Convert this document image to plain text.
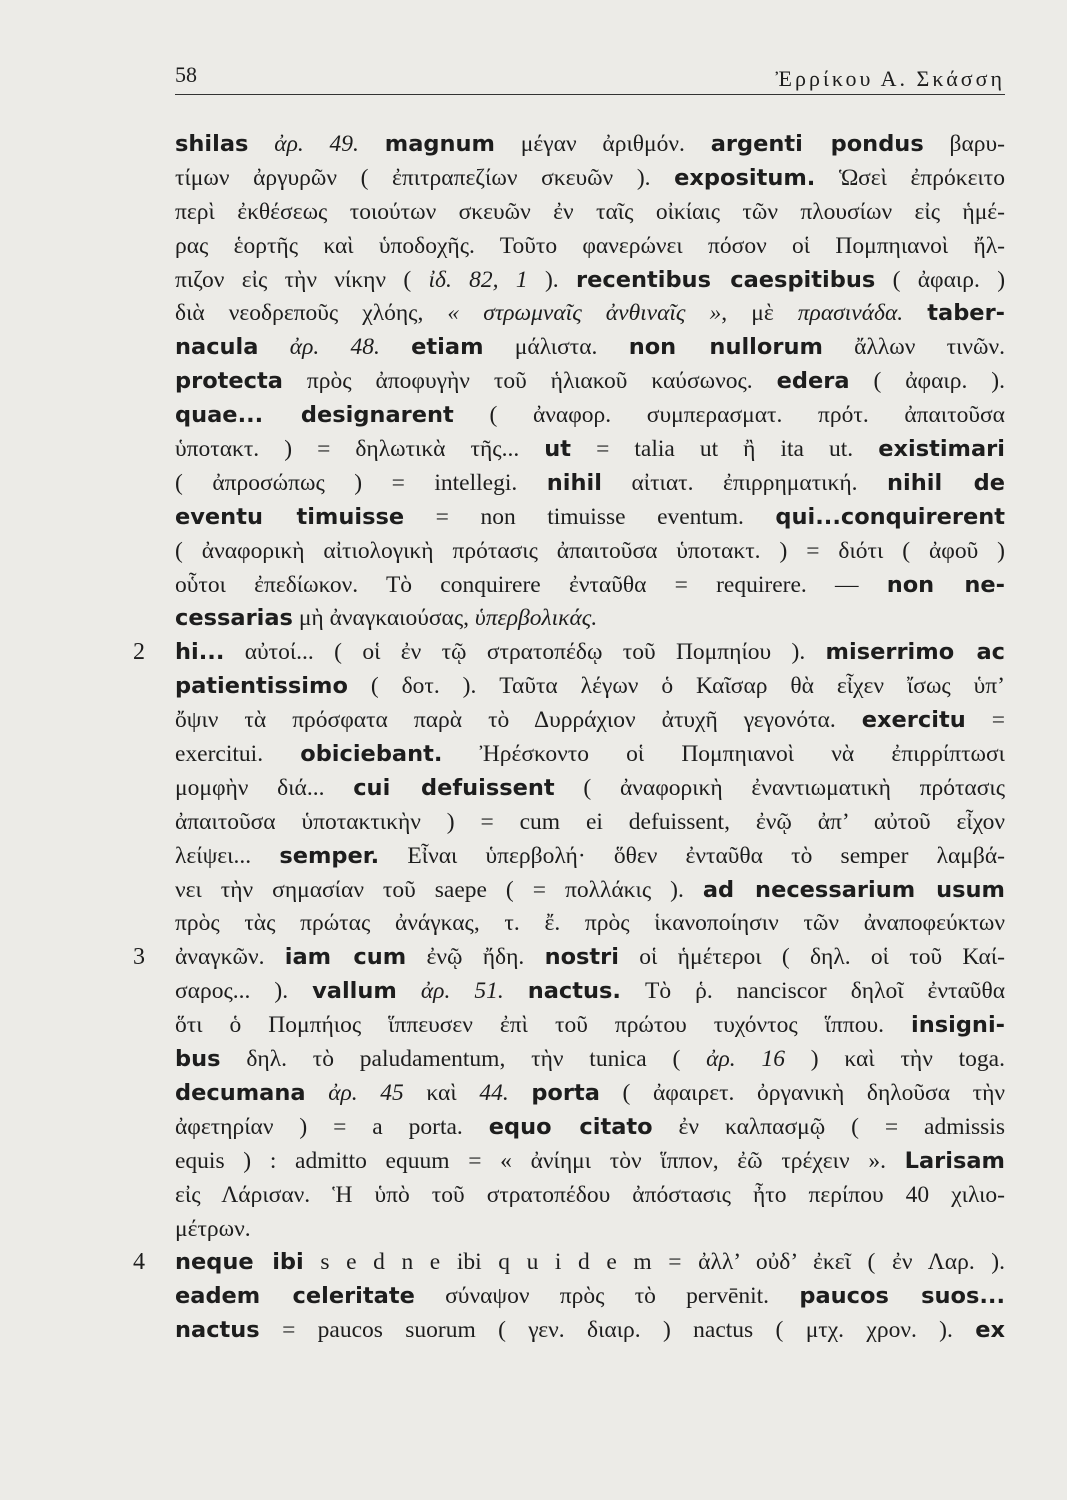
58	Ἐρρίκου Α. Σκάσση
shilas ἀρ. 49. magnum μέγαν ἀριθμόν. argenti pondus βαρυ-
τίμων ἀργυρῶν ( ἐπιτραπεζίων σκευῶν ). expositum. Ὡσεὶ ἐπρόκειτο
περὶ ἐκθέσεως τοιούτων σκευῶν ἐν ταῖς οἰκίαις τῶν πλουσίων εἰς ἡμέ-
ρας ἑορτῆς καὶ ὑποδοχῆς. Τοῦτο φανερώνει πόσον οἱ Πομπηιανοὶ ἤλ-
πιζον εἰς τὴν νίκην ( ἰδ. 82, 1 ). recentibus caespitibus ( ἀφαιρ. )
διὰ νεοδρεποῦς χλόης, « στρωμναῖς ἀνθιναῖς », μὲ πρασινάδα. taber-
nacula ἀρ. 48. etiam μάλιστα. non nullorum ἄλλων τινῶν.
protecta πρὸς ἀποφυγὴν τοῦ ἡλιακοῦ καύσωνος. edera ( ἀφαιρ. ).
quae... designarent ( ἀναφορ. συμπερασματ. πρότ. ἀπαιτοῦσα
ὑποτακτ. ) = δηλωτικὰ τῆς... ut = talia ut ἢ ita ut. existimari
( ἀπροσώπως ) = intellegi. nihil αἰτιατ. ἐπιρρηματική. nihil de
eventu timuisse = non timuisse eventum. qui...conquirerent
( ἀναφορικὴ αἰτιολογικὴ πρότασις ἀπαιτοῦσα ὑποτακτ. ) = διότι ( ἀφοῦ )
οὗτοι ἐπεδίωκον. Τὸ conquirere ἐνταῦθα = requirere. — non ne-
cessarias μὴ ἀναγκαιούσας, ὑπερβολικάς.
2	hi... αὐτοί... ( οἱ ἐν τῷ στρατοπέδῳ τοῦ Πομπηίου ). miserrimo ac
patientissimo ( δοτ. ). Ταῦτα λέγων ὁ Καῖσαρ θὰ εἶχεν ἴσως ὑπ’
ὄψιν τὰ πρόσφατα παρὰ τὸ Δυρράχιον ἀτυχῆ γεγονότα. exercitu =
exercitui. obiciebant. Ἠρέσκοντο οἱ Πομπηιανοὶ νὰ ἐπιρρίπτωσι
μομφὴν διά... cui defuissent ( ἀναφορικὴ ἐναντιωματικὴ πρότασις
ἀπαιτοῦσα ὑποτακτικὴν ) = cum ei defuissent, ἐνῷ ἀπ’ αὐτοῦ εἶχον
λείψει... semper. Εἶναι ὑπερβολή· ὅθεν ἐνταῦθα τὸ semper λαμβά-
νει τὴν σημασίαν τοῦ saepe ( = πολλάκις ). ad necessarium usum
πρὸς τὰς πρώτας ἀνάγκας, τ. ἔ. πρὸς ἱκανοποίησιν τῶν ἀναποφεύκτων
3	ἀναγκῶν. iam cum ἐνῷ ἤδη. nostri οἱ ἡμέτεροι ( δηλ. οἱ τοῦ Καί-
σαρος... ). vallum ἀρ. 51. nactus. Τὸ ῥ. nanciscor δηλοῖ ἐνταῦθα
ὅτι ὁ Πομπήιος ἵππευσεν ἐπὶ τοῦ πρώτου τυχόντος ἵππου. insigni-
bus δηλ. τὸ paludamentum, τὴν tunica ( ἀρ. 16 ) καὶ τὴν toga.
decumana ἀρ. 45 καὶ 44. porta ( ἀφαιρετ. ὀργανικὴ δηλοῦσα τὴν
ἀφετηρίαν ) = a porta. equo citato ἐν καλπασμῷ ( = admissis
equis ) : admitto equum = « ἀνίημι τὸν ἵππον, ἐῶ τρέχειν ». Larisam
εἰς Λάρισαν. Ἡ ὑπὸ τοῦ στρατοπέδου ἀπόστασις ἦτο περίπου 40 χιλιο-
μέτρων.
4	neque ibi s e d n e ibi q u i d e m = ἀλλ’ οὐδ’ ἐκεῖ ( ἐν Λαρ. ).
eadem celeritate σύναψον πρὸς τὸ pervēnit. paucos suos...
nactus = paucos suorum ( γεν. διαιρ. ) nactus ( μτχ. χρον. ). ex
